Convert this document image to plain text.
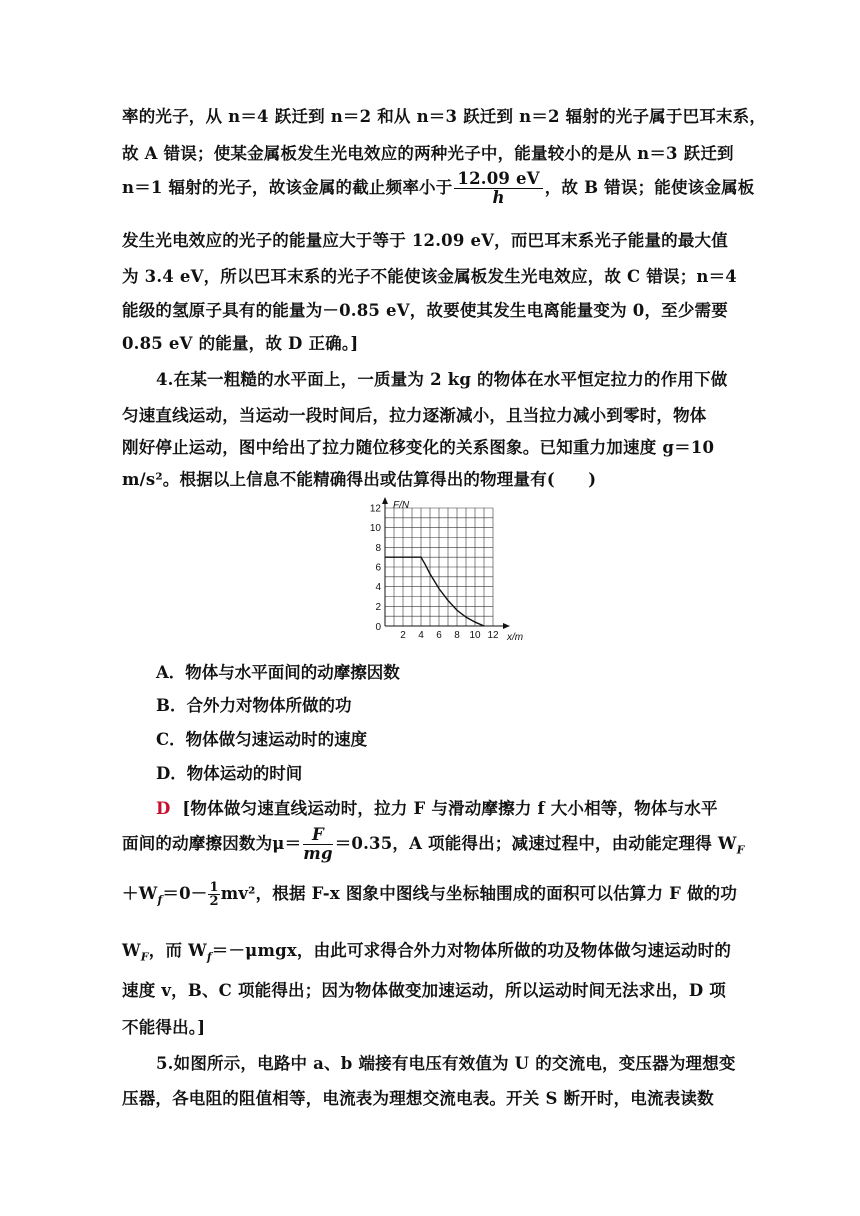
率的光子，从 n＝4 跃迁到 n＝2 和从 n＝3 跃迁到 n＝2 辐射的光子属于巴耳末系，
故 A 错误；使某金属板发生光电效应的两种光子中，能量较小的是从 n＝3 跃迁到
n＝1 辐射的光子，故该金属的截止频率小于 $\frac{12.09 eV}{h}$ ，故 B 错误；能使该金属板
发生光电效应的光子的能量应大于等于 12.09 eV，而巴耳末系光子能量的最大值
为 3.4 eV，所以巴耳末系的光子不能使该金属板发生光电效应，故 C 错误；n＝4
能级的氢原子具有的能量为－0.85 eV，故要使其发生电离能量变为 0，至少需要
0.85 eV 的能量，故 D 正确。]
4.在某一粗糙的水平面上，一质量为 2 kg 的物体在水平恒定拉力的作用下做
匀速直线运动，当运动一段时间后，拉力逐渐减小，且当拉力减小到零时，物体
刚好停止运动，图中给出了拉力随位移变化的关系图象。已知重力加速度 g＝10
m/s²。根据以上信息不能精确得出或估算得出的物理量有(　　)
2
4
6
8
10
12
2 4 6 8 10 12
0
F/N
x/m
A．物体与水平面间的动摩擦因数
B．合外力对物体所做的功
C．物体做匀速运动时的速度
D．物体运动的时间
D [物体做匀速直线运动时，拉力 F 与滑动摩擦力 f 大小相等，物体与水平
面间的动摩擦因数为$\mu= \frac{F}{mg} =0.35$，A 项能得出；减速过程中，由动能定理得 $W_F$
$+W_f=0- \frac{1}{2} mv^2$，根据 F-x 图象中图线与坐标轴围成的面积可以估算力 F 做的功
$W_F$，而 $W_f=-\mu mgx$，由此可求得合外力对物体所做的功及物体做匀速运动时的
速度 v，B、C 项能得出；因为物体做变加速运动，所以运动时间无法求出，D 项
不能得出。]
5.如图所示，电路中 a、b 端接有电压有效值为 U 的交流电，变压器为理想变
压器，各电阻的阻值相等，电流表为理想交流电表。开关 S 断开时，电流表读数
